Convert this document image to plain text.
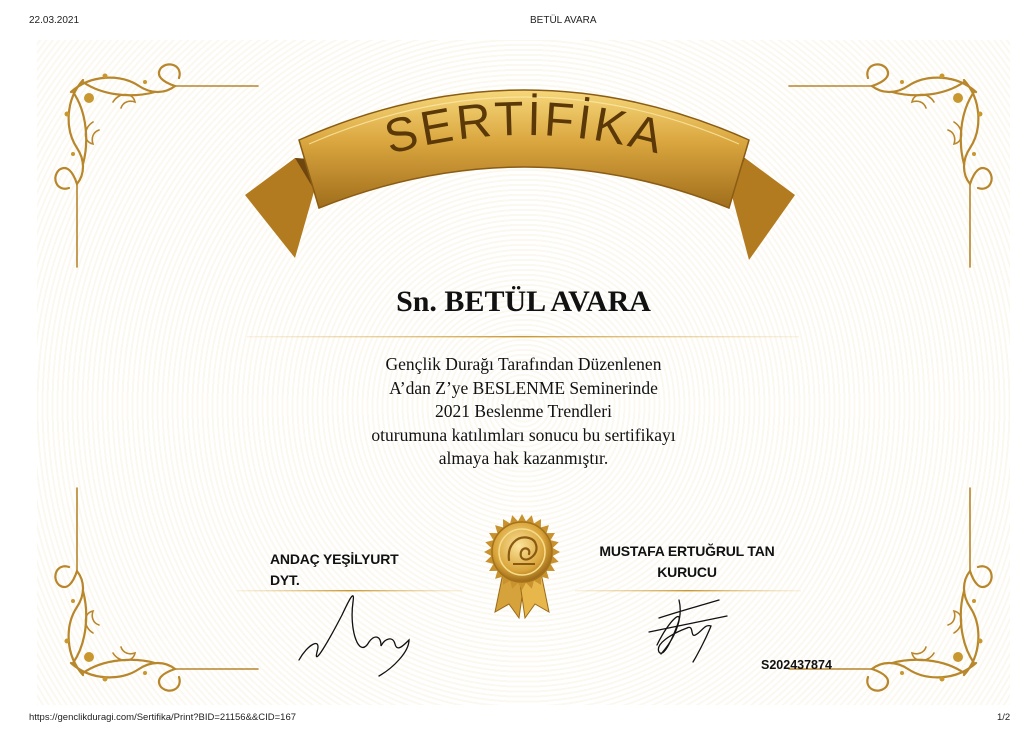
22.03.2021	BETÜL AVARA
SERTİFİKA
Sn. BETÜL AVARA
Gençlik Durağı Tarafından Düzenlenen
A’dan Z’ye BESLENME Seminerinde
2021 Beslenme Trendleri
oturumuna katılımları sonucu bu sertifikayı
almaya hak kazanmıştır.
ANDAÇ YEŞİLYURT
DYT.
MUSTAFA ERTUĞRUL TAN
KURUCU
S202437874
https://genclikduragi.com/Sertifika/Print?BID=21156&&CID=167	1/2
